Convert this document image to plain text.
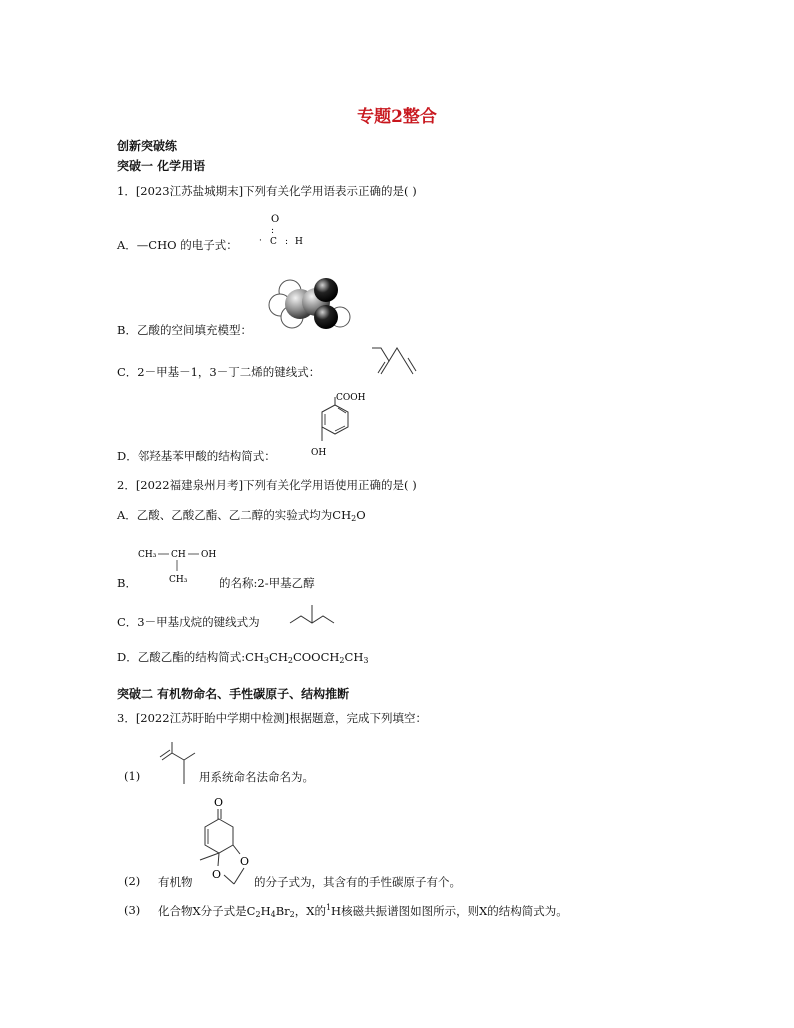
专题2整合
创新突破练
突破一 化学用语
1．[2023江苏盐城期末]下列有关化学用语表示正确的是( )
A．—CHO 的电子式：
O
:
· C : H
B．乙酸的空间填充模型：
C．2－甲基－1，3－丁二烯的键线式：
D．邻羟基苯甲酸的结构简式：
COOH
OH
2．[2022福建泉州月考]下列有关化学用语使用正确的是( )
A．乙酸、乙酸乙酯、乙二醇的实验式均为$CH_2O$
CH₃ CH OH
CH₃
B．	的名称:2-甲基乙醇
C．3－甲基戊烷的键线式为
D．乙酸乙酯的结构简式$:CH_3CH_2COOCH_2CH_3$
突破二 有机物命名、手性碳原子、结构推断
3．[2022江苏盱眙中学期中检测]根据题意，完成下列填空：
(1)	用系统命名法命名为。
O
O
O
(2) 有机物	的分子式为，其含有的手性碳原子有个。
(3) 化合物X分子式是$C_2H_4Br_2$，X的$^1$H核磁共振谱图如图所示，则X的结构简式为。
